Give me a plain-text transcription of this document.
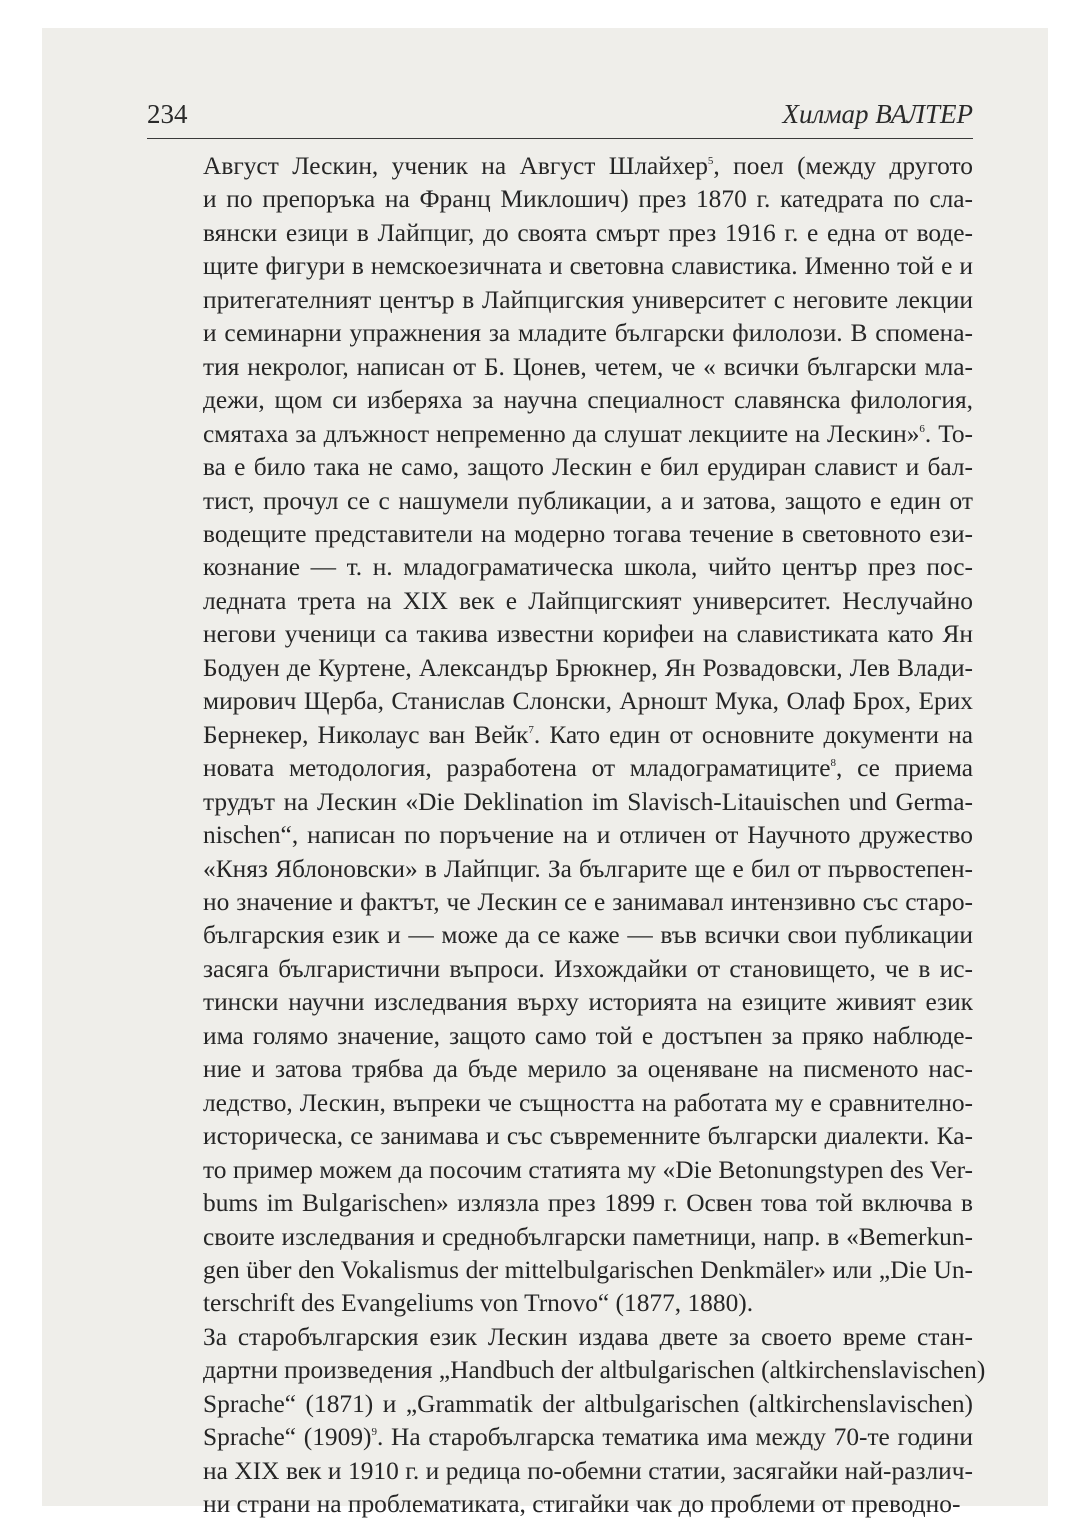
234	Хилмар ВАЛТЕР

Август Лескин, ученик на Август Шлайхер$^5$, поел (между другото
и по препоръка на Франц Миклошич) през 1870 г. катедрата по сла-
вянски езици в Лайпциг, до своята смърт през 1916 г. е една от водe-
щите фигури в немскоезичната и световна славистика. Именно той е и
притегателният център в Лайпцигския университет с неговите лекции
и семинарни упражнения за младите български филолози. В спомена-
тия некролог, написан от Б. Цонев, четем, че « всички български мла-
дежи, щом си изберяха за научна специалност славянска филология,
смятаха за длъжност непременно да слушат лекциите на Лескин»$^6$. То-
ва е било така не само, защото Лескин е бил ерудиран славист и бал-
тист, прочул се с нашумели публикации, а и затова, защото е един от
водещите представители на модерно тогава течение в световното ези-
кознание — т. н. младограматическа школа, чийто център през пос-
ледната трета на XIX век е Лайпцигският университет. Неслучайно
негови ученици са такива известни корифеи на славистиката като Ян
Бодуен де Куртене, Александър Брюкнер, Ян Розвадовски, Лев Влади-
мирович Щерба, Станислав Слонски, Арношт Мука, Олаф Брох, Ерих
Бернекер, Николаус ван Вейк$^7$. Като един от основните документи на
новата методология, разработена от младограматиците$^8$, се приема
трудът на Лескин «Die Deklination im Slavisch-Litauischen und Germa-
nischen“, написан по поръчение на и отличен от Научното дружество
«Княз Яблоновски» в Лайпциг. За българите ще е бил от първостепен-
но значение и фактът, че Лескин се е занимавал интензивно със старо-
българския език и — може да се каже — във всички свои публикации
засяга българистични въпроси. Изхождайки от становището, че в ис-
тински научни изследвания върху историята на езиците живият език
има голямо значение, защото само той е достъпен за пряко наблюде-
ние и затова трябва да бъде мерило за оценяване на писменото нас-
ледство, Лескин, въпреки че същността на работата му е сравнително-
историческа, се занимава и със съвременните български диалекти. Ка-
то пример можем да посочим статията му «Die Betonungstypen des Ver-
bums im Bulgarischen» излязла през 1899 г. Освен това той включва в
своите изследвания и среднобългарски паметници, напр. в «Bemerkun-
gen über den Vokalismus der mittelbulgarischen Denkmäler» или „Die Un-
terschrift des Evangeliums von Trnovo“ (1877, 1880).

За старобългарския език Лескин издава двете за своето време стан-
дартни произведения „Handbuch der altbulgarischen (altkirchenslavischen)
Sprache“ (1871) и „Grammatik der altbulgarischen (altkirchenslavischen)
Sprache“ $(1909)^9$. На старобългарска тематика има между 70-те години
на XIX век и 1910 г. и редица по-обемни статии, засягайки най-различ-
ни страни на проблематиката, стигайки чак до проблеми от преводно-
